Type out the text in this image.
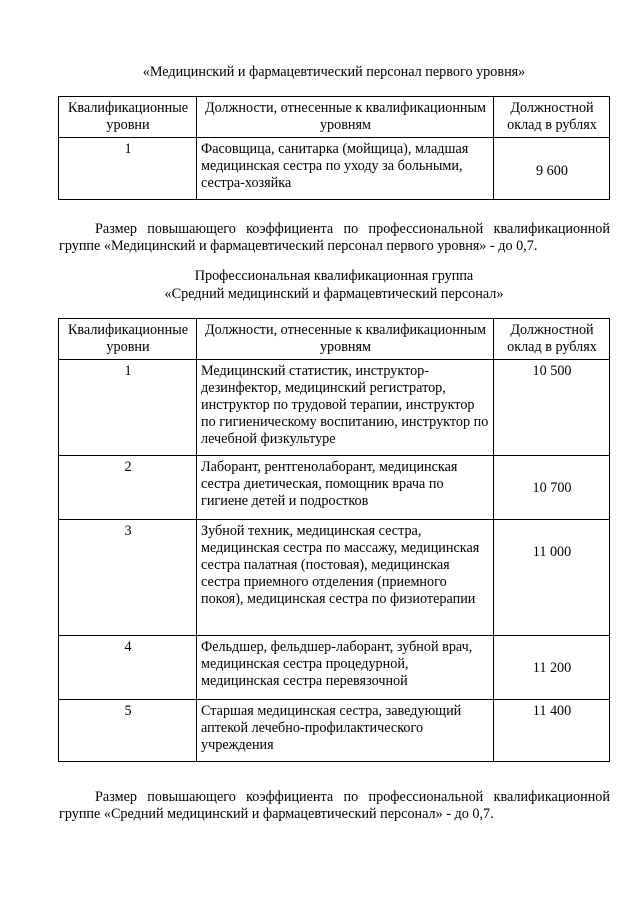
«Медицинский и фармацевтический персонал первого уровня»
Квалификационные уровни	Должности, отнесенные к квалификационным уровням	Должностной оклад в рублях
1	Фасовщица, санитарка (мойщица), младшая медицинская сестра по уходу за больными, сестра-хозяйка	9 600
Размер повышающего коэффициента по профессиональной квалификационной группе «Медицинский и фармацевтический персонал первого уровня» - до 0,7.
Профессиональная квалификационная группа
«Средний медицинский и фармацевтический персонал»
Квалификационные уровни	Должности, отнесенные к квалификационным уровням	Должностной оклад в рублях
1	Медицинский статистик, инструктор-дезинфектор, медицинский регистратор, инструктор по трудовой терапии, инструктор по гигиеническому воспитанию, инструктор по лечебной физкультуре	10 500
2	Лаборант, рентгенолаборант, медицинская сестра диетическая, помощник врача по гигиене детей и подростков	10 700
3	Зубной техник, медицинская сестра, медицинская сестра по массажу, медицинская сестра палатная (постовая), медицинская сестра приемного отделения (приемного покоя), медицинская сестра по физиотерапии	11 000
4	Фельдшер, фельдшер-лаборант, зубной врач, медицинская сестра процедурной, медицинская сестра перевязочной	11 200
5	Старшая медицинская сестра, заведующий аптекой лечебно-профилактического учреждения	11 400
Размер повышающего коэффициента по профессиональной квалификационной группе «Средний медицинский и фармацевтический персонал» - до 0,7.
